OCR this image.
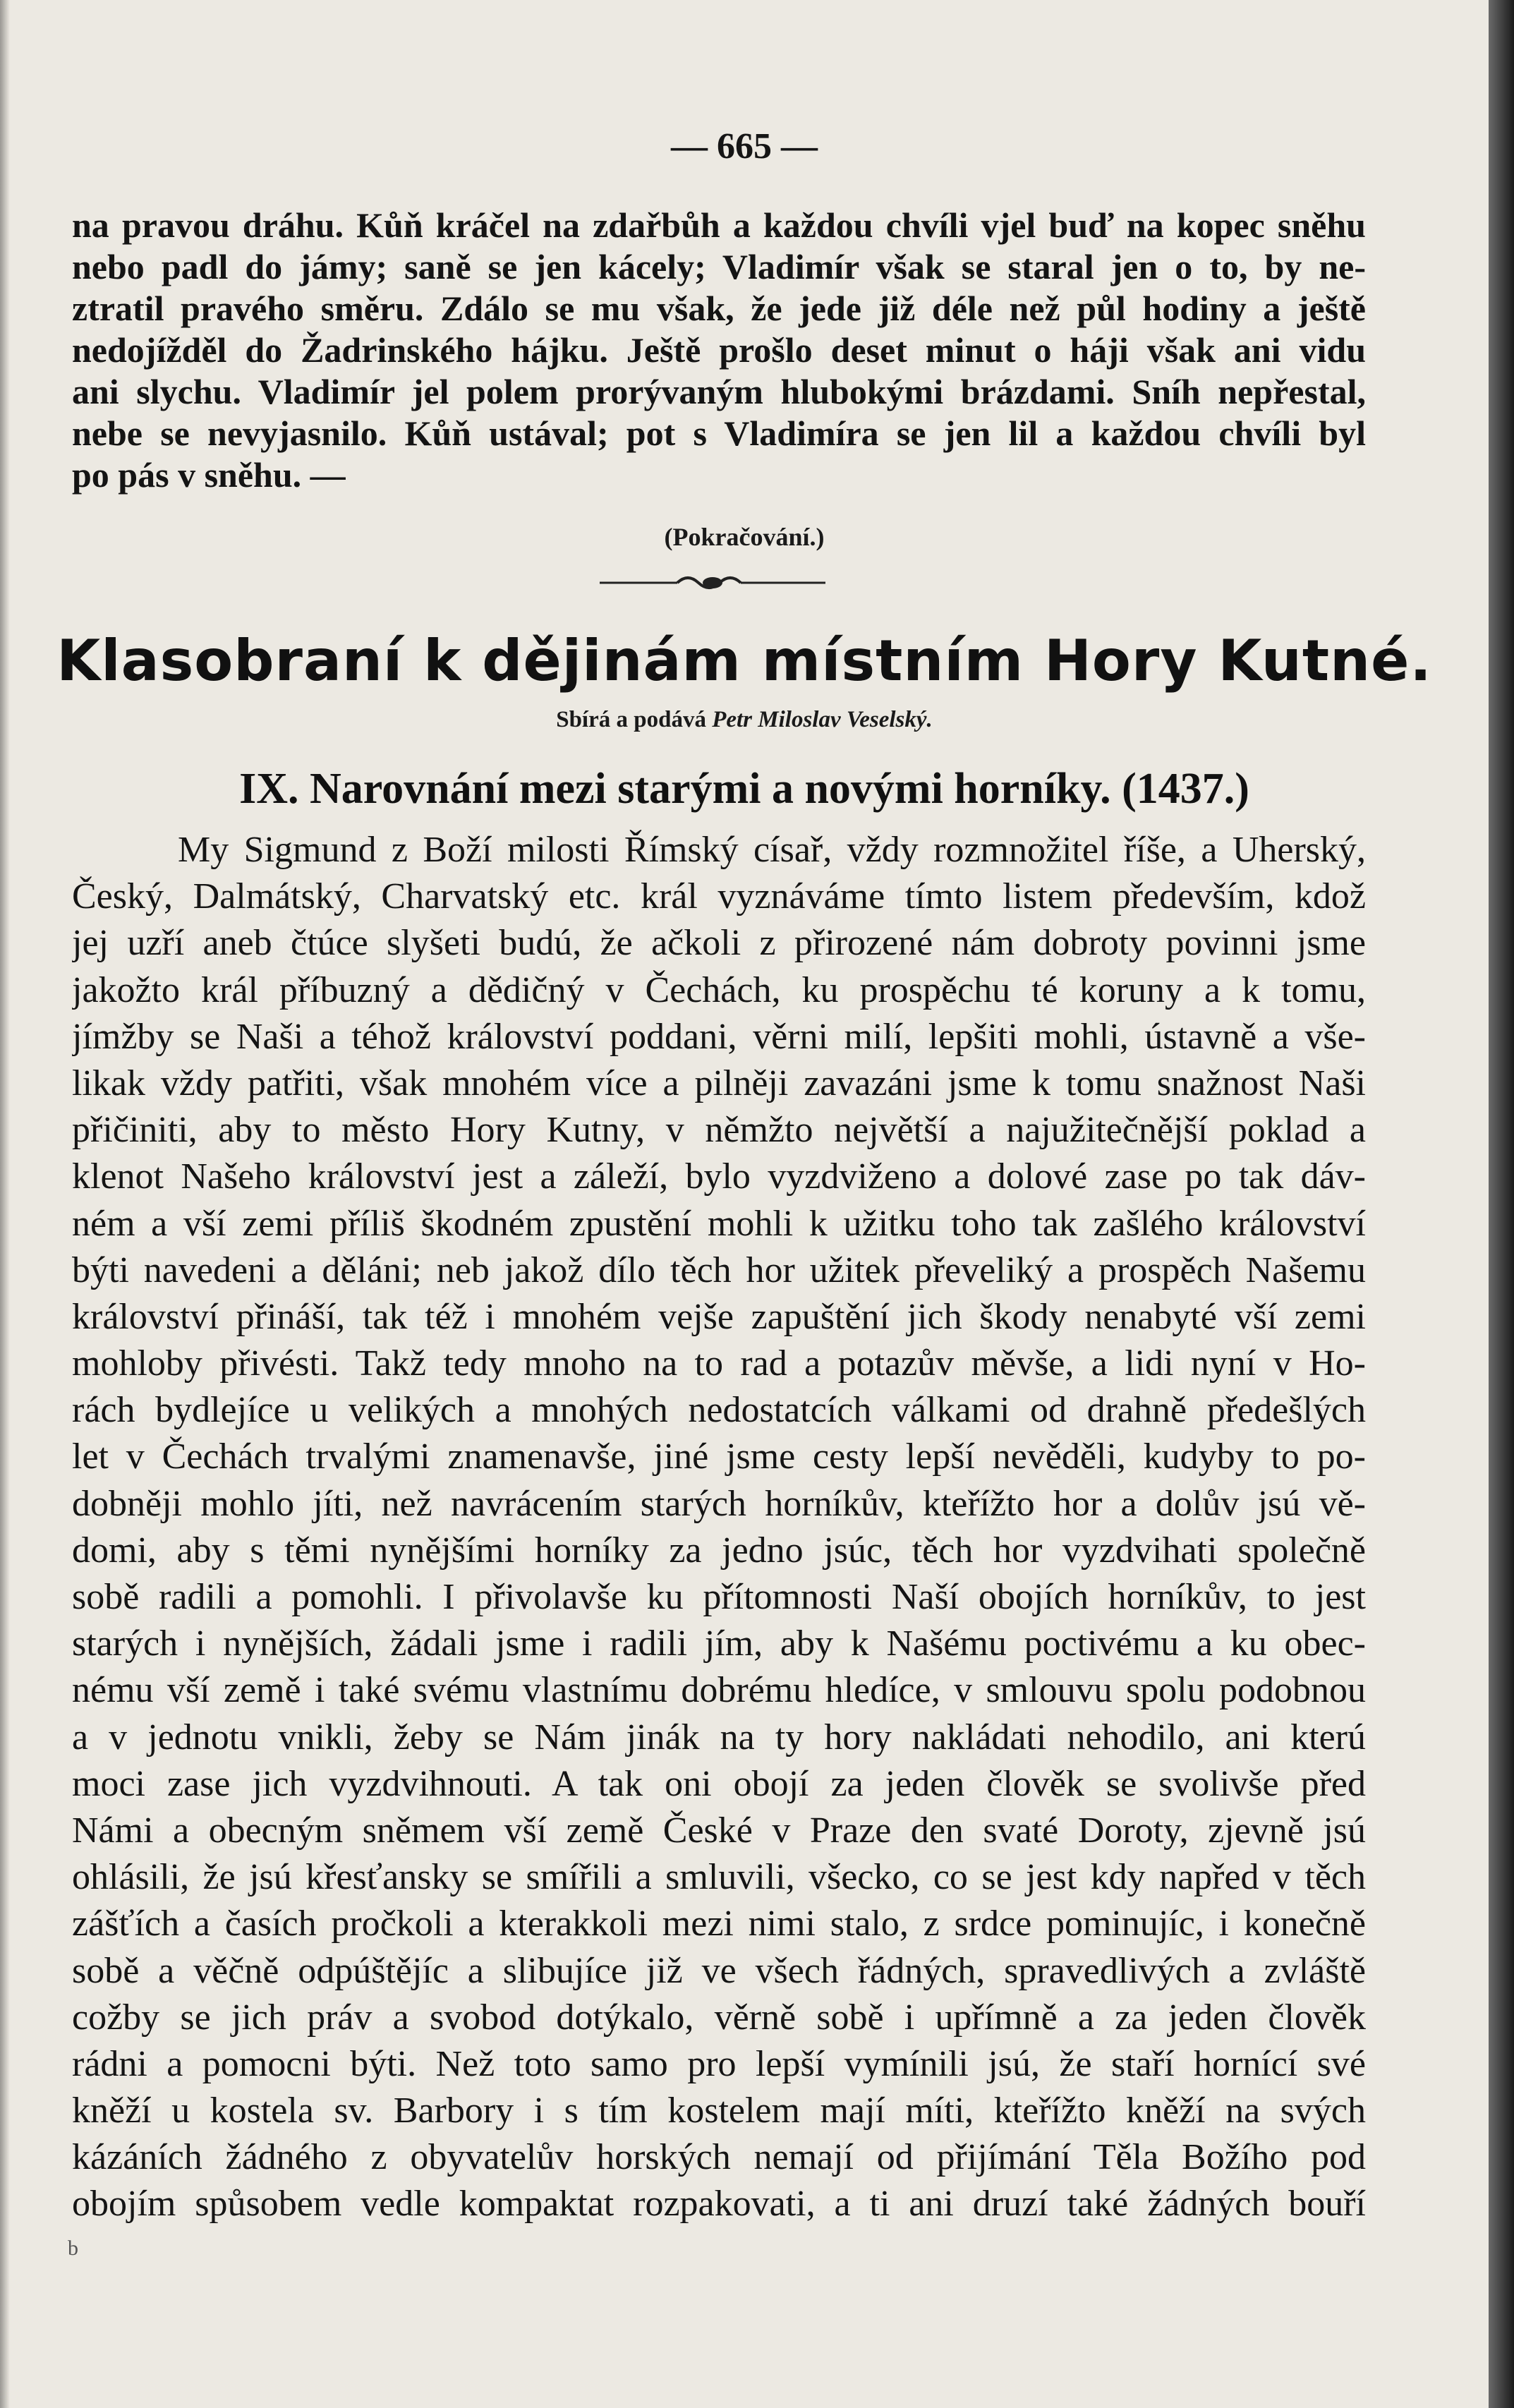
— 665 —
na pravou dráhu. Kůň kráčel na zdařbůh a každou chvíli vjel buď na kopec sněhu
nebo padl do jámy; saně se jen kácely; Vladimír však se staral jen o to, by ne-
ztratil pravého směru. Zdálo se mu však, že jede již déle než půl hodiny a ještě
nedojížděl do Žadrinského hájku. Ještě prošlo deset minut o háji však ani vidu
ani slychu. Vladimír jel polem prorývaným hlubokými brázdami. Sníh nepřestal,
nebe se nevyjasnilo. Kůň ustával; pot s Vladimíra se jen lil a každou chvíli byl
po pás v sněhu. —
(Pokračování.)
Klasobraní k dějinám místním Hory Kutné.
Sbírá a podává Petr Miloslav Veselský.
IX. Narovnání mezi starými a novými horníky. (1437.)
My Sigmund z Boží milosti Římský císař, vždy rozmnožitel říše, a Uherský,
Český, Dalmátský, Charvatský etc. král vyznáváme tímto listem především, kdož
jej uzří aneb čtúce slyšeti budú, že ačkoli z přirozené nám dobroty povinni jsme
jakožto král příbuzný a dědičný v Čechách, ku prospěchu té koruny a k tomu,
jímžby se Naši a téhož království poddani, věrni milí, lepšiti mohli, ústavně a vše-
likak vždy patřiti, však mnohém více a pilněji zavazáni jsme k tomu snažnost Naši
přičiniti, aby to město Hory Kutny, v němžto největší a najužitečnější poklad a
klenot Našeho království jest a záleží, bylo vyzdviženo a dolové zase po tak dáv-
ném a vší zemi příliš škodném zpustění mohli k užitku toho tak zašlého království
býti navedeni a děláni; neb jakož dílo těch hor užitek převeliký a prospěch Našemu
království přináší, tak též i mnohém vejše zapuštění jich škody nenabyté vší zemi
mohloby přivésti. Takž tedy mnoho na to rad a potazův měvše, a lidi nyní v Ho-
rách bydlejíce u velikých a mnohých nedostatcích válkami od drahně předešlých
let v Čechách trvalými znamenavše, jiné jsme cesty lepší nevěděli, kudyby to po-
dobněji mohlo jíti, než navrácením starých horníkův, kteřížto hor a dolův jsú vě-
domi, aby s těmi nynějšími horníky za jedno jsúc, těch hor vyzdvihati společně
sobě radili a pomohli. I přivolavše ku přítomnosti Naší obojích horníkův, to jest
starých i nynějších, žádali jsme i radili jím, aby k Našému poctivému a ku obec-
nému vší země i také svému vlastnímu dobrému hledíce, v smlouvu spolu podobnou
a v jednotu vnikli, žeby se Nám jinák na ty hory nakládati nehodilo, ani kterú
moci zase jich vyzdvihnouti. A tak oni obojí za jeden člověk se svolivše před
Námi a obecným sněmem vší země České v Praze den svaté Doroty, zjevně jsú
ohlásili, že jsú křesťansky se smířili a smluvili, všecko, co se jest kdy napřed v těch
zášťích a časích pročkoli a kterakkoli mezi nimi stalo, z srdce pominujíc, i konečně
sobě a věčně odpúštějíc a slibujíce již ve všech řádných, spravedlivých a zvláště
cožby se jich práv a svobod dotýkalo, věrně sobě i upřímně a za jeden člověk
rádni a pomocni býti. Než toto samo pro lepší vymínili jsú, že staří hornící své
kněží u kostela sv. Barbory i s tím kostelem mají míti, kteřížto kněží na svých
kázáních žádného z obyvatelův horských nemají od přijímání Těla Božího pod
obojím spůsobem vedle kompaktat rozpakovati, a ti ani druzí také žádných bouří
b
